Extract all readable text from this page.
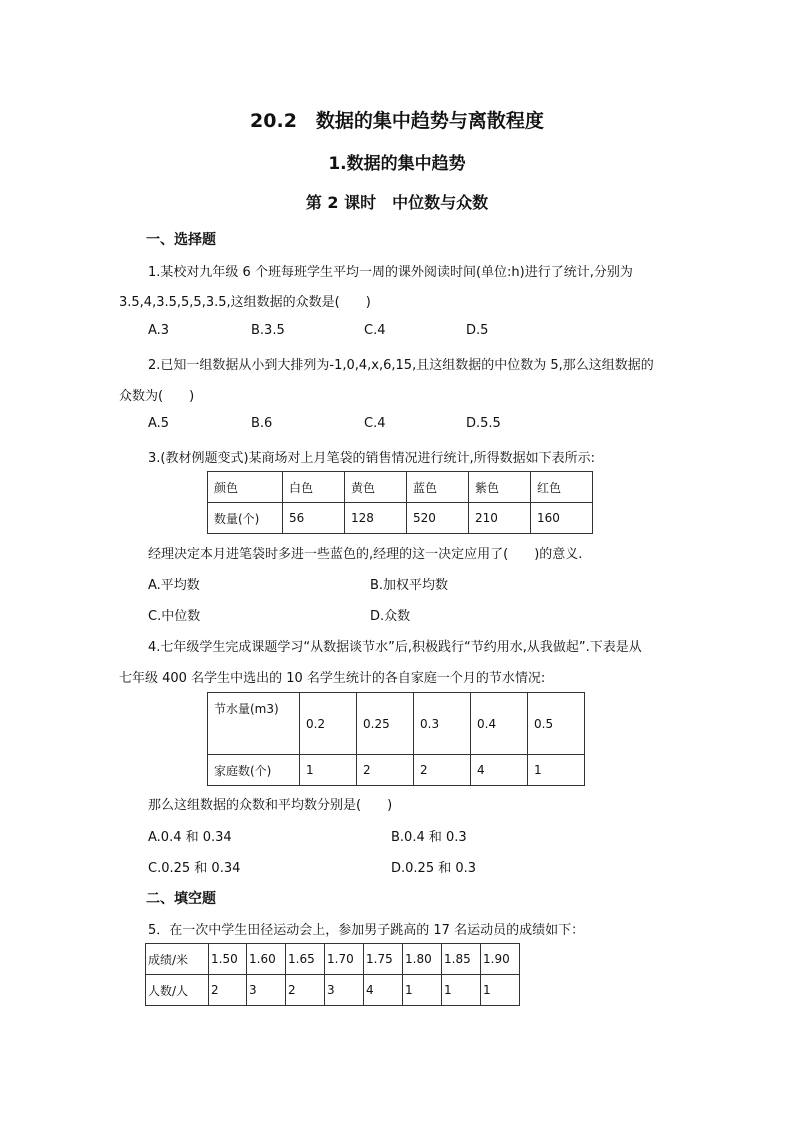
20.2　数据的集中趋势与离散程度
1.数据的集中趋势
第 2 课时　中位数与众数
一、选择题
1.某校对九年级 6 个班每班学生平均一周的课外阅读时间(单位:h)进行了统计,分别为
3.5,4,3.5,5,5,3.5,这组数据的众数是(　　)
A.3	B.3.5	C.4	D.5
2.已知一组数据从小到大排列为-1,0,4,x,6,15,且这组数据的中位数为 5,那么这组数据的
众数为(　　)
A.5	B.6	C.4	D.5.5
3.(教材例题变式)某商场对上月笔袋的销售情况进行统计,所得数据如下表所示:
颜色	白色	黄色	蓝色	紫色	红色
数量(个)	56	128	520	210	160
经理决定本月进笔袋时多进一些蓝色的,经理的这一决定应用了(　　)的意义.
A.平均数	B.加权平均数
C.中位数	D.众数
4.七年级学生完成课题学习“从数据谈节水”后,积极践行“节约用水,从我做起”.下表是从
七年级 400 名学生中选出的 10 名学生统计的各自家庭一个月的节水情况:
节水量(m3)	0.2	0.25	0.3	0.4	0.5
家庭数(个)	1	2	2	4	1
那么这组数据的众数和平均数分别是(　　)
A.0.4 和 0.34	B.0.4 和 0.3
C.0.25 和 0.34	D.0.25 和 0.3
二、填空题
5．在一次中学生田径运动会上，参加男子跳高的 17 名运动员的成绩如下：
成绩/米	1.50	1.60	1.65	1.70	1.75	1.80	1.85	1.90
人数/人	2	3	2	3	4	1	1	1
